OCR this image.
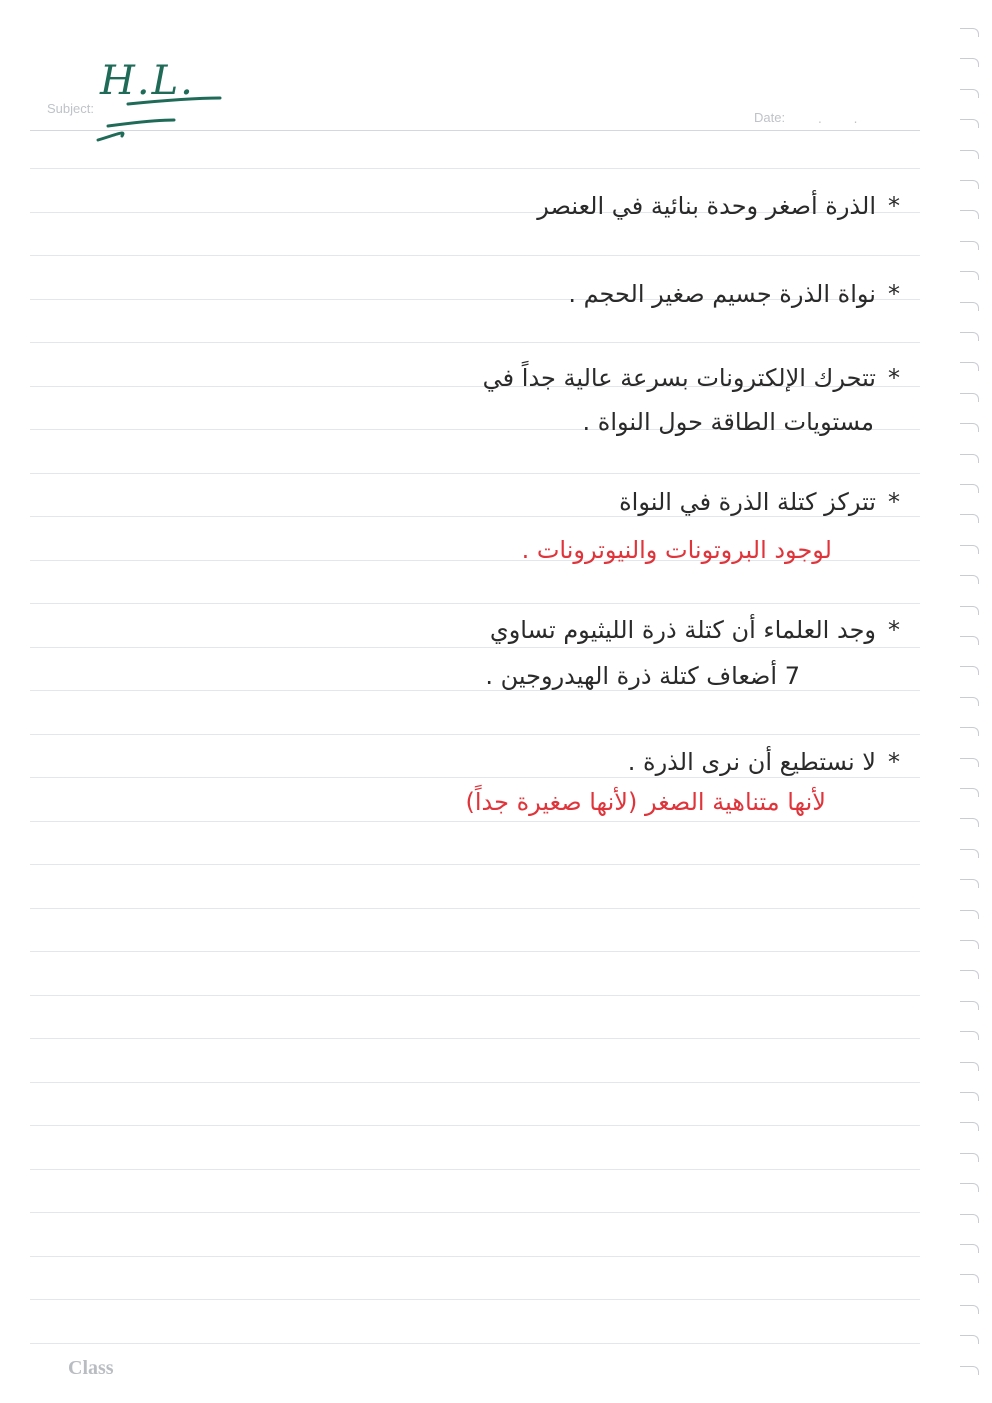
Subject:
H.L.
Date:	. .
*الذرة أصغر وحدة بنائية في العنصر
*نواة الذرة جسيم صغير الحجم .
*تتحرك الإلكترونات بسرعة عالية جداً في
مستويات الطاقة حول النواة .
*تتركز كتلة الذرة في النواة
لوجود البروتونات والنيوترونات .
*وجد العلماء أن كتلة ذرة الليثيوم تساوي
7 أضعاف كتلة ذرة الهيدروجين .
*لا نستطيع أن نرى الذرة .
لأنها متناهية الصغر (لأنها صغيرة جداً)
Class
